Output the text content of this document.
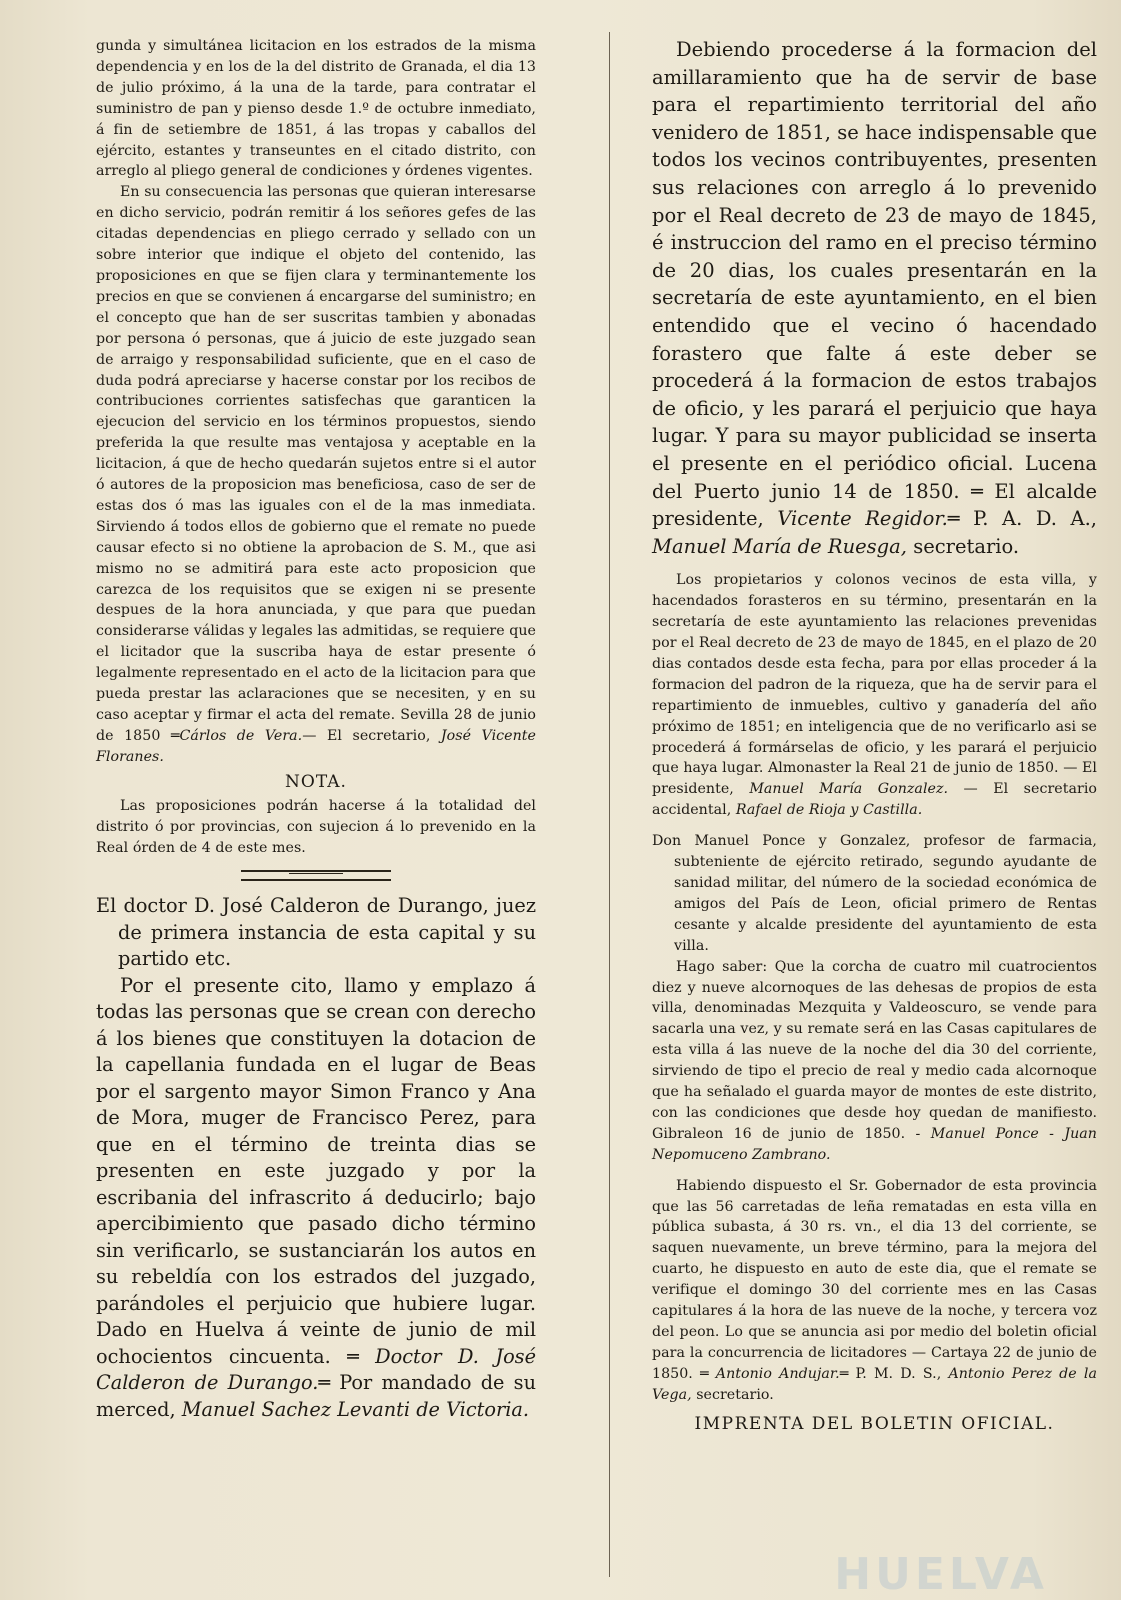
gunda y simultánea licitacion en los estrados de la misma dependencia y en los de la del distrito de Granada, el dia 13 de julio próximo, á la una de la tarde, para contratar el suministro de pan y pienso desde 1.º de octubre inmediato, á fin de setiembre de 1851, á las tropas y caballos del ejército, estantes y transeuntes en el citado distrito, con arreglo al pliego general de condiciones y órdenes vigentes.

En su consecuencia las personas que quieran interesarse en dicho servicio, podrán remitir á los señores gefes de las citadas dependencias en pliego cerrado y sellado con un sobre interior que indique el objeto del contenido, las proposiciones en que se fijen clara y terminantemente los precios en que se convienen á encargarse del suministro; en el concepto que han de ser suscritas tambien y abonadas por persona ó personas, que á juicio de este juzgado sean de arraigo y responsabilidad suficiente, que en el caso de duda podrá apreciarse y hacerse constar por los recibos de contribuciones corrientes satisfechas que garanticen la ejecucion del servicio en los términos propuestos, siendo preferida la que resulte mas ventajosa y aceptable en la licitacion, á que de hecho quedarán sujetos entre si el autor ó autores de la proposicion mas beneficiosa, caso de ser de estas dos ó mas las iguales con el de la mas inmediata. Sirviendo á todos ellos de gobierno que el remate no puede causar efecto si no obtiene la aprobacion de S. M., que asi mismo no se admitirá para este acto proposicion que carezca de los requisitos que se exigen ni se presente despues de la hora anunciada, y que para que puedan considerarse válidas y legales las admitidas, se requiere que el licitador que la suscriba haya de estar presente ó legalmente representado en el acto de la licitacion para que pueda prestar las aclaraciones que se necesiten, y en su caso aceptar y firmar el acta del remate. Sevilla 28 de junio de 1850 ═Cárlos de Vera.— El secretario, José Vicente Floranes.

NOTA.

Las proposiciones podrán hacerse á la totalidad del distrito ó por provincias, con sujecion á lo prevenido en la Real órden de 4 de este mes.

El doctor D. José Calderon de Durango, juez de primera instancia de esta capital y su partido etc.

Por el presente cito, llamo y emplazo á todas las personas que se crean con derecho á los bienes que constituyen la dotacion de la capellania fundada en el lugar de Beas por el sargento mayor Simon Franco y Ana de Mora, muger de Francisco Perez, para que en el término de treinta dias se presenten en este juzgado y por la escribania del infrascrito á deducirlo; bajo apercibimiento que pasado dicho término sin verificarlo, se sustanciarán los autos en su rebeldía con los estrados del juzgado, parándoles el perjuicio que hubiere lugar. Dado en Huelva á veinte de junio de mil ochocientos cincuenta. ═ Doctor D. José Calderon de Durango.═ Por mandado de su merced, Manuel Sachez Levanti de Victoria.

Debiendo procederse á la formacion del amillaramiento que ha de servir de base para el repartimiento territorial del año venidero de 1851, se hace indispensable que todos los vecinos contribuyentes, presenten sus relaciones con arreglo á lo prevenido por el Real decreto de 23 de mayo de 1845, é instruccion del ramo en el preciso término de 20 dias, los cuales presentarán en la secretaría de este ayuntamiento, en el bien entendido que el vecino ó hacendado forastero que falte á este deber se procederá á la formacion de estos trabajos de oficio, y les parará el perjuicio que haya lugar. Y para su mayor publicidad se inserta el presente en el periódico oficial. Lucena del Puerto junio 14 de 1850. ═ El alcalde presidente, Vicente Regidor.═ P. A. D. A., Manuel María de Ruesga, secretario.

Los propietarios y colonos vecinos de esta villa, y hacendados forasteros en su término, presentarán en la secretaría de este ayuntamiento las relaciones prevenidas por el Real decreto de 23 de mayo de 1845, en el plazo de 20 dias contados desde esta fecha, para por ellas proceder á la formacion del padron de la riqueza, que ha de servir para el repartimiento de inmuebles, cultivo y ganadería del año próximo de 1851; en inteligencia que de no verificarlo asi se procederá á formárselas de oficio, y les parará el perjuicio que haya lugar. Almonaster la Real 21 de junio de 1850. — El presidente, Manuel María Gonzalez. — El secretario accidental, Rafael de Rioja y Castilla.

Don Manuel Ponce y Gonzalez, profesor de farmacia, subteniente de ejército retirado, segundo ayudante de sanidad militar, del número de la sociedad económica de amigos del País de Leon, oficial primero de Rentas cesante y alcalde presidente del ayuntamiento de esta villa.

Hago saber: Que la corcha de cuatro mil cuatrocientos diez y nueve alcornoques de las dehesas de propios de esta villa, denominadas Mezquita y Valdeoscuro, se vende para sacarla una vez, y su remate será en las Casas capitulares de esta villa á las nueve de la noche del dia 30 del corriente, sirviendo de tipo el precio de real y medio cada alcornoque que ha señalado el guarda mayor de montes de este distrito, con las condiciones que desde hoy quedan de manifiesto. Gibraleon 16 de junio de 1850. - Manuel Ponce - Juan Nepomuceno Zambrano.

Habiendo dispuesto el Sr. Gobernador de esta provincia que las 56 carretadas de leña rematadas en esta villa en pública subasta, á 30 rs. vn., el dia 13 del corriente, se saquen nuevamente, un breve término, para la mejora del cuarto, he dispuesto en auto de este dia, que el remate se verifique el domingo 30 del corriente mes en las Casas capitulares á la hora de las nueve de la noche, y tercera voz del peon. Lo que se anuncia asi por medio del boletin oficial para la concurrencia de licitadores — Cartaya 22 de junio de 1850. ═ Antonio Andujar.═ P. M. D. S., Antonio Perez de la Vega, secretario.

IMPRENTA DEL BOLETIN OFICIAL.
HUELVA
